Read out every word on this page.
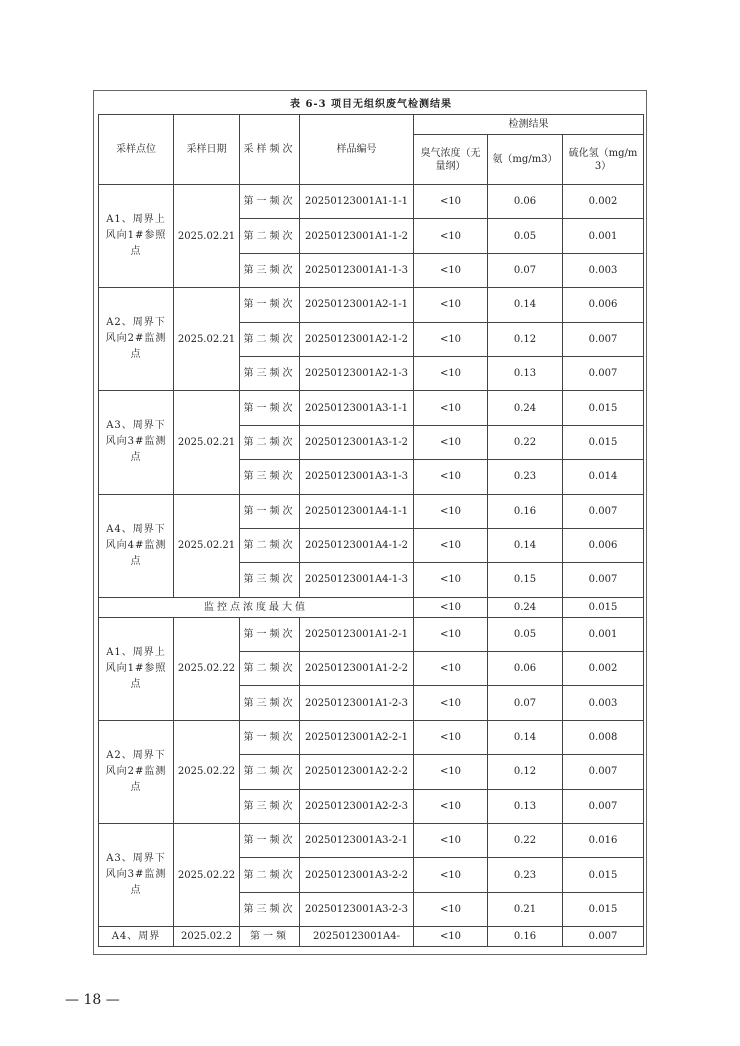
表 6-3 项目无组织废气检测结果						
采样点位	采样日期	采样频次	样品编号	检测结果		
				臭气浓度（无量纲）	氨（mg/m3）	硫化氢（mg/m3）
A1、周界上风向1#参照点	2025.02.21	第一频次	20250123001A1-1-1	<10	0.06	0.002
		第二频次	20250123001A1-1-2	<10	0.05	0.001
		第三频次	20250123001A1-1-3	<10	0.07	0.003
A2、周界下风向2#监测点	2025.02.21	第一频次	20250123001A2-1-1	<10	0.14	0.006
		第二频次	20250123001A2-1-2	<10	0.12	0.007
		第三频次	20250123001A2-1-3	<10	0.13	0.007
A3、周界下风向3#监测点	2025.02.21	第一频次	20250123001A3-1-1	<10	0.24	0.015
		第二频次	20250123001A3-1-2	<10	0.22	0.015
		第三频次	20250123001A3-1-3	<10	0.23	0.014
A4、周界下风向4#监测点	2025.02.21	第一频次	20250123001A4-1-1	<10	0.16	0.007
		第二频次	20250123001A4-1-2	<10	0.14	0.006
		第三频次	20250123001A4-1-3	<10	0.15	0.007
监控点浓度最大值				<10	0.24	0.015
A1、周界上风向1#参照点	2025.02.22	第一频次	20250123001A1-2-1	<10	0.05	0.001
		第二频次	20250123001A1-2-2	<10	0.06	0.002
		第三频次	20250123001A1-2-3	<10	0.07	0.003
A2、周界下风向2#监测点	2025.02.22	第一频次	20250123001A2-2-1	<10	0.14	0.008
		第二频次	20250123001A2-2-2	<10	0.12	0.007
		第三频次	20250123001A2-2-3	<10	0.13	0.007
A3、周界下风向3#监测点	2025.02.22	第一频次	20250123001A3-2-1	<10	0.22	0.016
		第二频次	20250123001A3-2-2	<10	0.23	0.015
		第三频次	20250123001A3-2-3	<10	0.21	0.015
A4、周界	2025.02.2	第一频	20250123001A4-	<10	0.16	0.007
— 18 —
